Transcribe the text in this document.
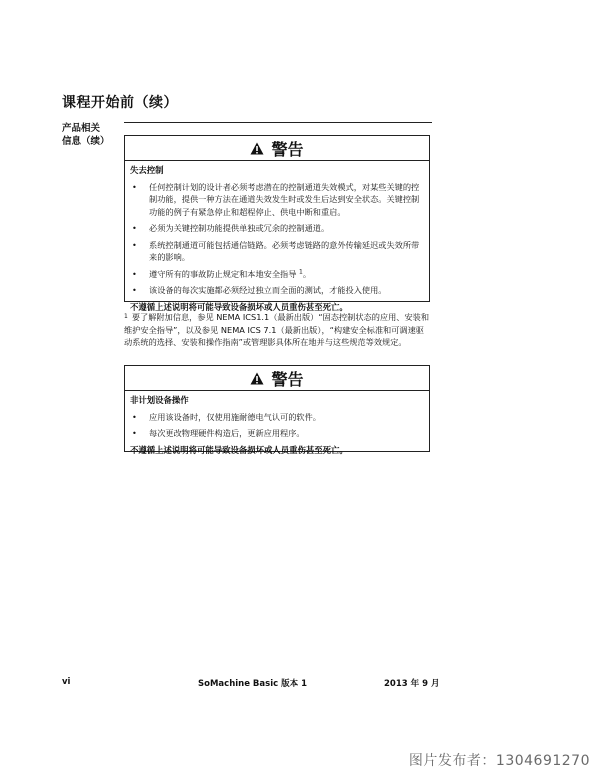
课程开始前（续）
产品相关
信息（续）	警告
失去控制
•	任何控制计划的设计者必须考虑潜在的控制通道失效模式，对某些关键的控制功能，提供一种方法在通道失效发生时或发生后达到安全状态。关键控制功能的例子有紧急停止和超程停止、供电中断和重启。
•	必须为关键控制功能提供单独或冗余的控制通道。
•	系统控制通道可能包括通信链路。必须考虑链路的意外传输延迟或失效所带来的影响。
•	遵守所有的事故防止规定和本地安全指导 $^1$。
•	该设备的每次实施都必须经过独立而全面的测试，才能投入使用。
不遵循上述说明将可能导致设备损坏或人员重伤甚至死亡。
$^1$ 要了解附加信息，参见 NEMA ICS1.1（最新出版）“固态控制状态的应用、安装和维护安全指导”，以及参见 NEMA ICS 7.1（最新出版），“构建安全标准和可调速驱动系统的选择、安装和操作指南”或管理影具体所在地并与这些规范等效规定。
警告
非计划设备操作
•	应用该设备时，仅使用施耐德电气认可的软件。
•	每次更改物理硬件构造后，更新应用程序。
不遵循上述说明将可能导致设备损坏或人员重伤甚至死亡。
vi	SoMachine Basic 版本 1	2013 年 9 月
图片发布者：1304691270
